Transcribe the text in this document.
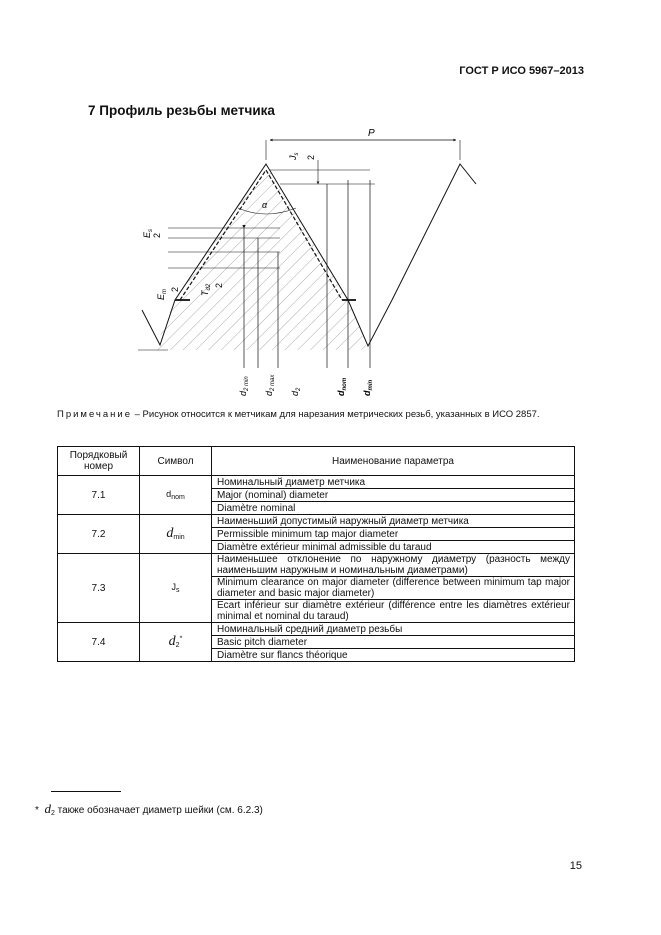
ГОСТ Р ИСО 5967–2013
7 Профиль резьбы метчика
P
$J_s$
2
α
$E_s$
2
$E_m$ 2
$T_{d2}$ 2
$d_{2 min}$
$d_{2 max}$
$d_2$
$d_{nom}$
$d_{min}$
Примечание – Рисунок относится к метчикам для нарезания метрических резьб, указанных в ИСО 2857.
Порядковый номер	Символ	Наименование параметра
7.1	$d_{nom}$	Номинальный диаметр метчика
		Major (nominal) diameter
		Diamètre nominal
7.2	$d_{min}$	Наименьший допустимый наружный диаметр метчика
		Permissible minimum tap major diameter
		Diamètre extérieur minimal admissible du taraud
7.3	$J_s$	Наименьшее отклонение по наружному диаметру (разность между наименьшим наружным и номинальным диаметрами)
		Minimum clearance on major diameter (difference between minimum tap major diameter and basic major diameter)
		Ecart inférieur sur diamètre extérieur (différence entre les diamètres extérieur minimal et nominal du taraud)
7.4	$d_2^*$	Номинальный средний диаметр резьбы
		Basic pitch diameter
		Diamètre sur flancs théorique
* $d_2$ также обозначает диаметр шейки (см. 6.2.3)
15
